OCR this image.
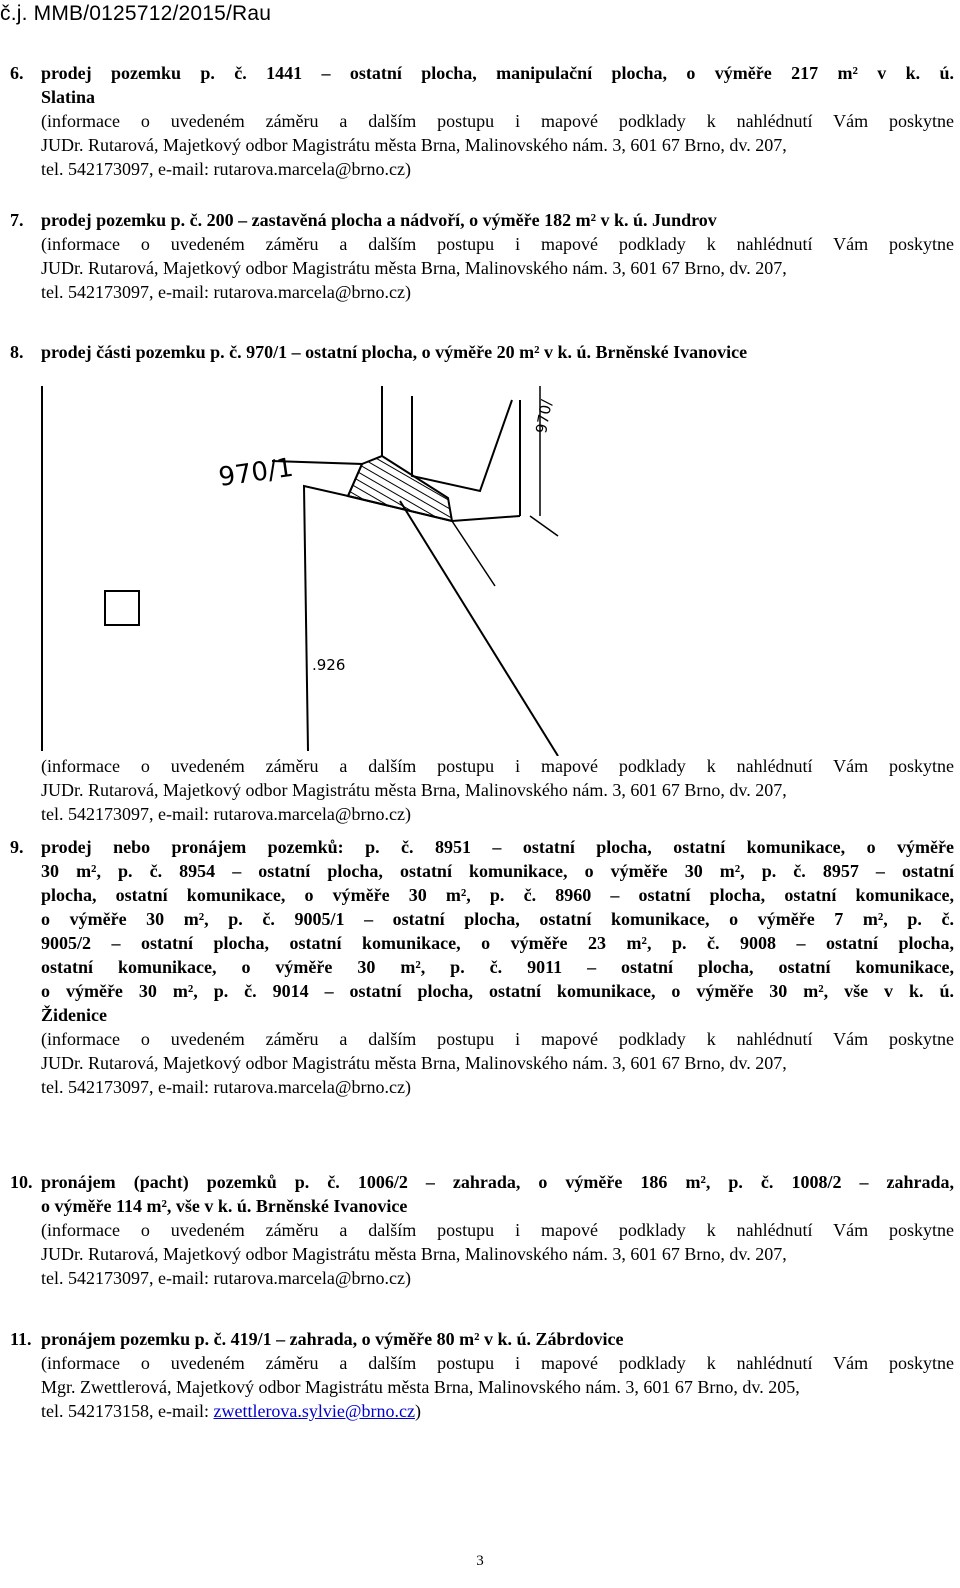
č.j. MMB/0125712/2015/Rau
6. prodej pozemku p. č. 1441 – ostatní plocha, manipulační plocha, o výměře 217 m² v k. ú.
Slatina
(informace o uvedeném záměru a dalším postupu i mapové podklady k nahlédnutí Vám poskytne
JUDr. Rutarová, Majetkový odbor Magistrátu města Brna, Malinovského nám. 3, 601 67 Brno, dv. 207,
tel. 542173097, e-mail: rutarova.marcela@brno.cz)
7. prodej pozemku p. č. 200 – zastavěná plocha a nádvoří, o výměře 182 m² v k. ú. Jundrov
(informace o uvedeném záměru a dalším postupu i mapové podklady k nahlédnutí Vám poskytne
JUDr. Rutarová, Majetkový odbor Magistrátu města Brna, Malinovského nám. 3, 601 67 Brno, dv. 207,
tel. 542173097, e-mail: rutarova.marcela@brno.cz)
8. prodej části pozemku p. č. 970/1 – ostatní plocha, o výměře 20 m² v k. ú. Brněnské Ivanovice
970/1
970/
.926
(informace o uvedeném záměru a dalším postupu i mapové podklady k nahlédnutí Vám poskytne
JUDr. Rutarová, Majetkový odbor Magistrátu města Brna, Malinovského nám. 3, 601 67 Brno, dv. 207,
tel. 542173097, e-mail: rutarova.marcela@brno.cz)
9. prodej nebo pronájem pozemků: p. č. 8951 – ostatní plocha, ostatní komunikace, o výměře
30 m², p. č. 8954 – ostatní plocha, ostatní komunikace, o výměře 30 m², p. č. 8957 – ostatní
plocha, ostatní komunikace, o výměře 30 m², p. č. 8960 – ostatní plocha, ostatní komunikace,
o výměře 30 m², p. č. 9005/1 – ostatní plocha, ostatní komunikace, o výměře 7 m², p. č.
9005/2 – ostatní plocha, ostatní komunikace, o výměře 23 m², p. č. 9008 – ostatní plocha,
ostatní komunikace, o výměře 30 m², p. č. 9011 – ostatní plocha, ostatní komunikace,
o výměře 30 m², p. č. 9014 – ostatní plocha, ostatní komunikace, o výměře 30 m², vše v k. ú.
Židenice
(informace o uvedeném záměru a dalším postupu i mapové podklady k nahlédnutí Vám poskytne
JUDr. Rutarová, Majetkový odbor Magistrátu města Brna, Malinovského nám. 3, 601 67 Brno, dv. 207,
tel. 542173097, e-mail: rutarova.marcela@brno.cz)
10. pronájem (pacht) pozemků p. č. 1006/2 – zahrada, o výměře 186 m², p. č. 1008/2 – zahrada,
o výměře 114 m², vše v k. ú. Brněnské Ivanovice
(informace o uvedeném záměru a dalším postupu i mapové podklady k nahlédnutí Vám poskytne
JUDr. Rutarová, Majetkový odbor Magistrátu města Brna, Malinovského nám. 3, 601 67 Brno, dv. 207,
tel. 542173097, e-mail: rutarova.marcela@brno.cz)
11. pronájem pozemku p. č. 419/1 – zahrada, o výměře 80 m² v k. ú. Zábrdovice
(informace o uvedeném záměru a dalším postupu i mapové podklady k nahlédnutí Vám poskytne
Mgr. Zwettlerová, Majetkový odbor Magistrátu města Brna, Malinovského nám. 3, 601 67 Brno, dv. 205,
tel. 542173158, e-mail: zwettlerova.sylvie@brno.cz)
3
